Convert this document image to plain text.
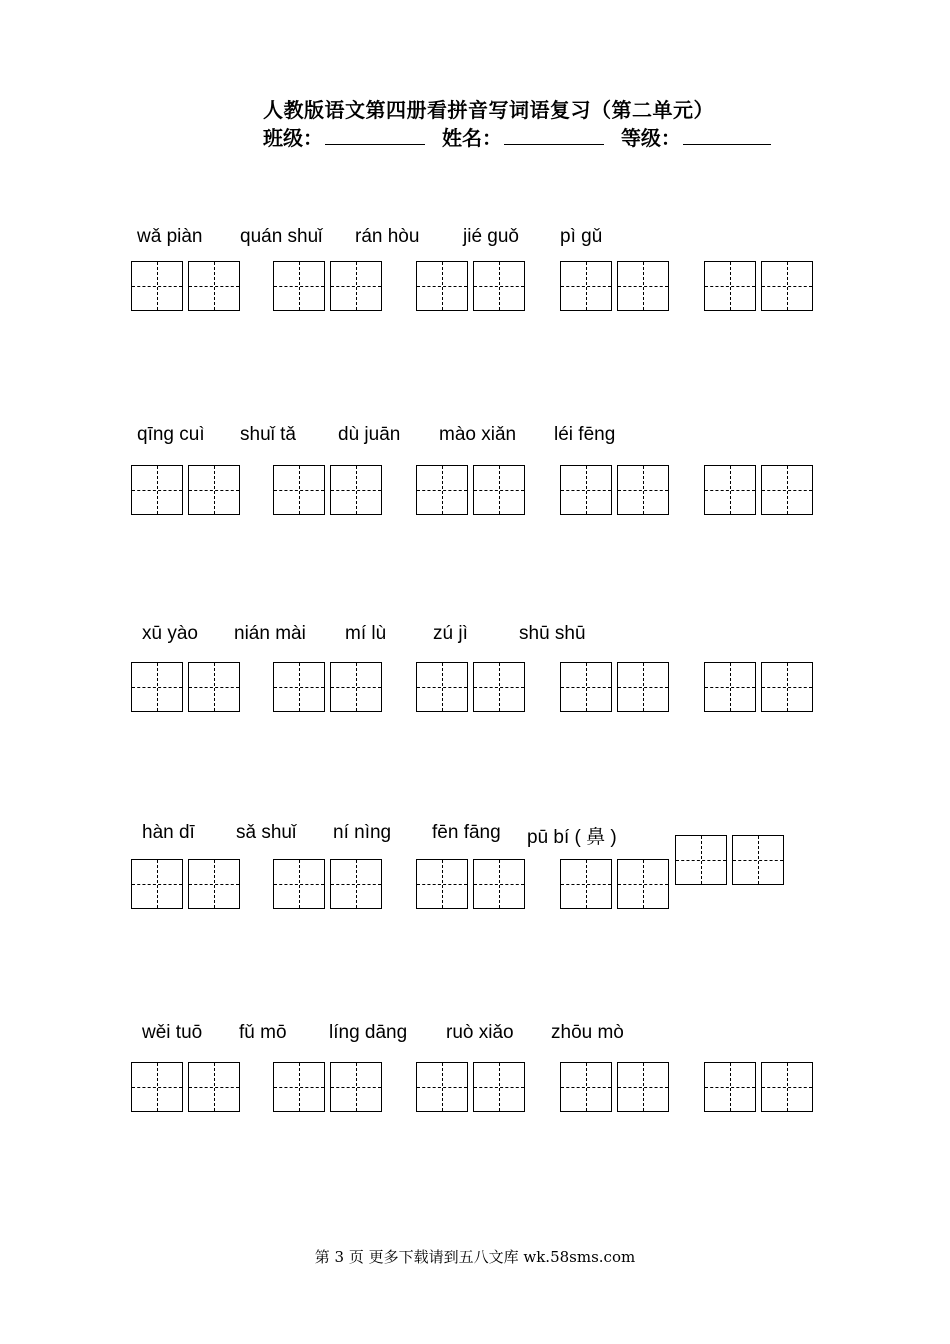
人教版语文第四册看拼音写词语复习（第二单元）
班级：	姓名：	等级：
wǎ piàn quán shuǐ rán hòu jié guǒ pì gǔ
qīng cuì shuǐ tǎ dù juān mào xiǎn léi fēng
xū yào nián mài mí lù zú jì	shū shū
hàn dī sǎ shuǐ ní nìng fēn fāng pū bí ( 鼻 )
wěi tuō fǔ mō líng dāng ruò xiǎo zhōu mò
第 3 页 更多下载请到五八文库 wk.58sms.com
